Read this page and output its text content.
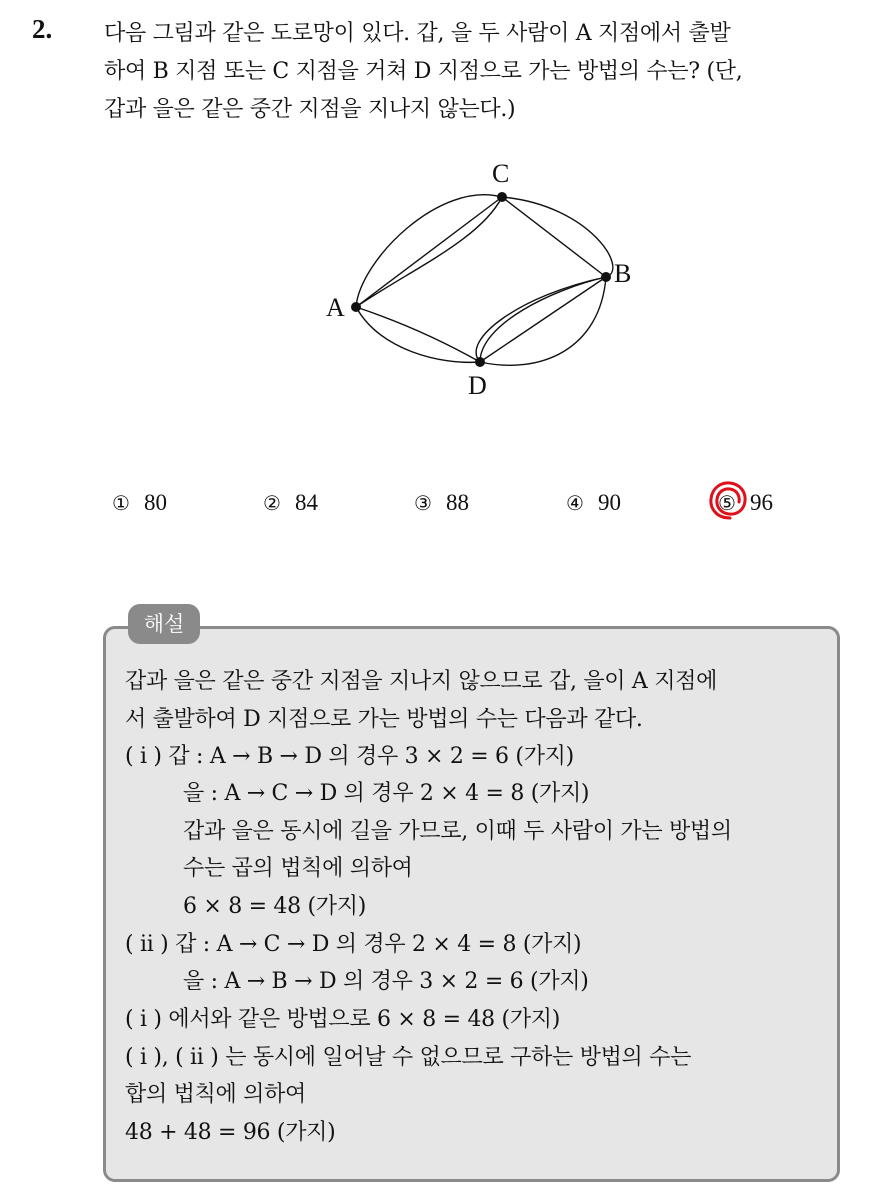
2. 다음 그림과 같은 도로망이 있다. 갑, 을 두 사람이 A 지점에서 출발
하여 B 지점 또는 C 지점을 거쳐 D 지점으로 가는 방법의 수는? (단,
갑과 을은 같은 중간 지점을 지나지 않는다.)
A
C
B
D
① 80	② 84	③ 88	④ 90	⑤ 96
해설
갑과 을은 같은 중간 지점을 지나지 않으므로 갑, 을이 A 지점에
서 출발하여 D 지점으로 가는 방법의 수는 다음과 같다.
( i ) 갑 : A → B → D 의 경우 3 × 2 = 6 (가지)
을 : A → C → D 의 경우 2 × 4 = 8 (가지)
갑과 을은 동시에 길을 가므로, 이때 두 사람이 가는 방법의
수는 곱의 법칙에 의하여
6 × 8 = 48 (가지)
( ii ) 갑 : A → C → D 의 경우 2 × 4 = 8 (가지)
을 : A → B → D 의 경우 3 × 2 = 6 (가지)
( i ) 에서와 같은 방법으로 6 × 8 = 48 (가지)
( i ), ( ii ) 는 동시에 일어날 수 없으므로 구하는 방법의 수는
합의 법칙에 의하여
48 + 48 = 96 (가지)
